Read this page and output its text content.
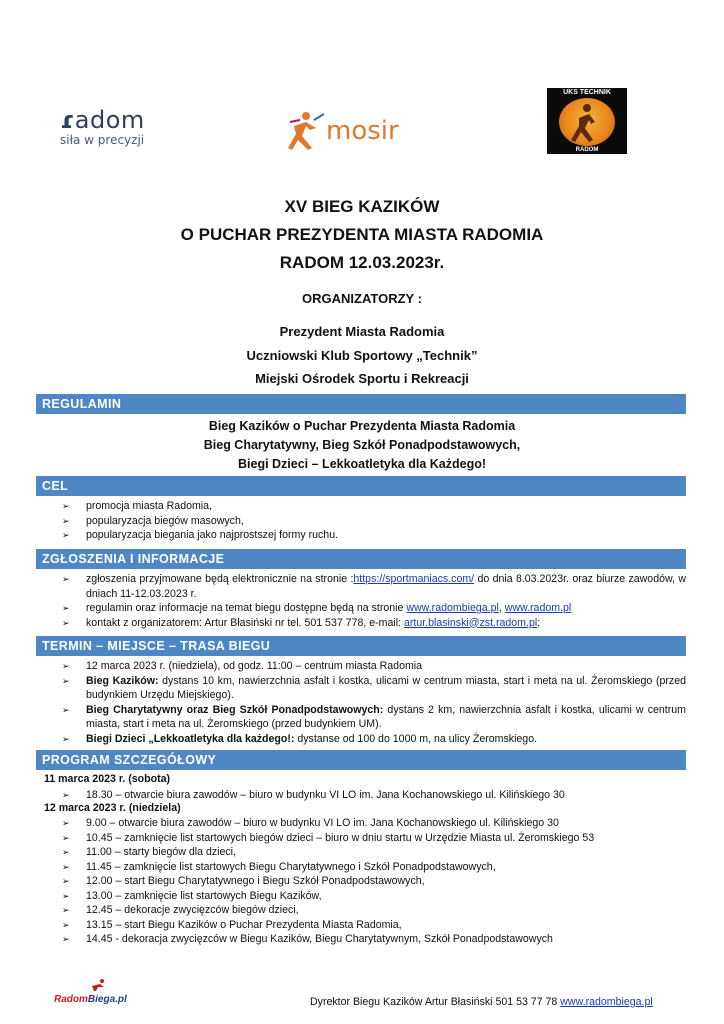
ɾadom
siła w precyzji	mosir
UKS TECHNIK
RADOM
XV BIEG KAZIKÓW
O PUCHAR PREZYDENTA MIASTA RADOMIA
RADOM 12.03.2023r.
ORGANIZATORZY :
Prezydent Miasta Radomia
Uczniowski Klub Sportowy „Technik”
Miejski Ośrodek Sportu i Rekreacji
REGULAMIN
Bieg Kazików o Puchar Prezydenta Miasta Radomia
Bieg Charytatywny, Bieg Szkół Ponadpodstawowych,
Biegi Dzieci – Lekkoatletyka dla Każdego!
CEL
➢ promocja miasta Radomia,
➢ popularyzacja biegów masowych,
➢ popularyzacja biegania jako najprostszej formy ruchu.
ZGŁOSZENIA I INFORMACJE
➢ zgłoszenia przyjmowane będą elektronicznie na stronie :https://sportmaniacs.com/ do dnia 8.03.2023r. oraz biurze zawodów, w dniach 11-12.03.2023 r.
➢ regulamin oraz informacje na temat biegu dostępne będą na stronie www.radombiega.pl, www.radom.pl
➢ kontakt z organizatorem: Artur Błasiński nr tel. 501 537 778, e-mail: artur.blasinski@zst.radom.pl;
TERMIN – MIEJSCE – TRASA BIEGU
➢ 12 marca 2023 r. (niedziela), od godz. 11:00 – centrum miasta Radomia
➢ Bieg Kazików: dystans 10 km, nawierzchnia asfalt i kostka, ulicami w centrum miasta, start i meta na ul. Żeromskiego (przed budynkiem Urzędu Miejskiego).
➢ Bieg Charytatywny oraz Bieg Szkół Ponadpodstawowych: dystans 2 km, nawierzchnia asfalt i kostka, ulicami w centrum miasta, start i meta na ul. Żeromskiego (przed budynkiem UM).
➢ Biegi Dzieci „Lekkoatletyka dla każdego!: dystanse od 100 do 1000 m, na ulicy Żeromskiego.
PROGRAM SZCZEGÓŁOWY
11 marca 2023 r. (sobota)
➢ 18.30 – otwarcie biura zawodów – biuro w budynku VI LO im. Jana Kochanowskiego ul. Kilińskiego 30
12 marca 2023 r. (niedziela)
➢ 9.00 – otwarcie biura zawodów – biuro w budynku VI LO im. Jana Kochanowskiego ul. Kilińskiego 30
➢ 10.45 – zamknięcie list startowych biegów dzieci – biuro w dniu startu w Urzędzie Miasta ul. Żeromskiego 53
➢ 11.00 – starty biegów dla dzieci,
➢ 11.45 – zamknięcie list startowych Biegu Charytatywnego i Szkół Ponadpodstawowych,
➢ 12.00 – start Biegu Charytatywnego i Biegu Szkół Ponadpodstawowych,
➢ 13.00 – zamknięcie list startowych Biegu Kazików,
➢ 12.45 – dekoracje zwycięzców biegów dzieci,
➢ 13.15 – start Biegu Kazików o Puchar Prezydenta Miasta Radomia,
➢ 14.45 - dekoracja zwycięzców w Biegu Kazików, Biegu Charytatywnym, Szkół Ponadpodstawowych
RadomBiega.pl	Dyrektor Biegu Kazików Artur Błasiński 501 53 77 78 www.radombiega.pl
